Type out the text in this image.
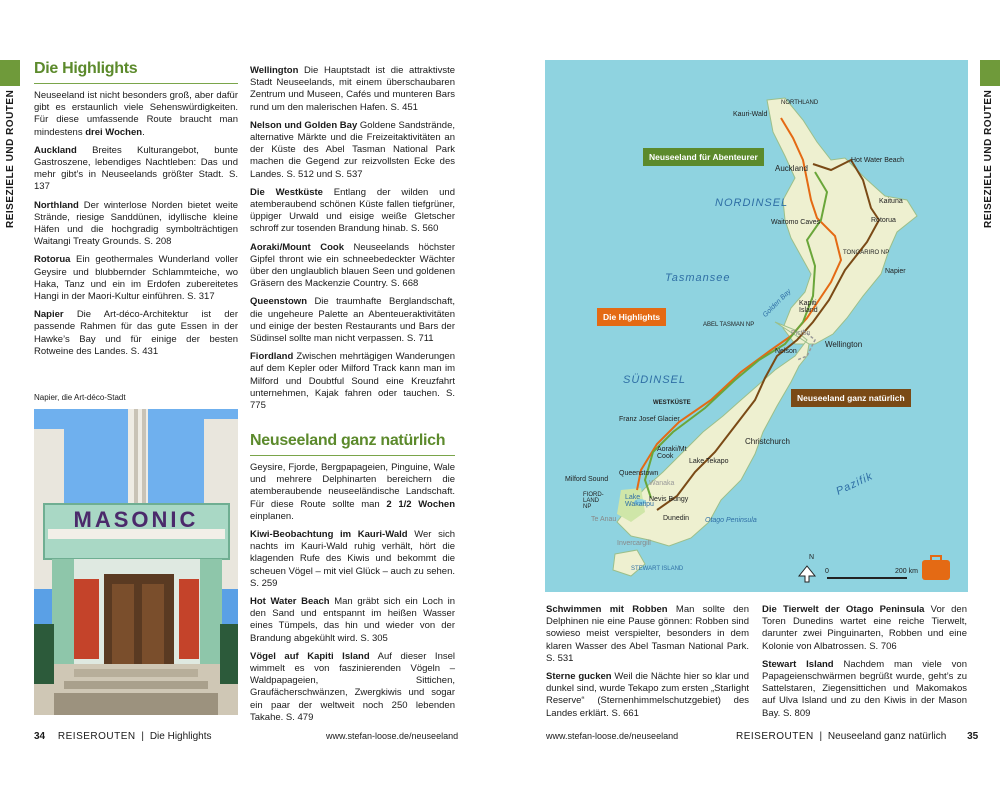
REISEZIELE UND ROUTEN	REISEZIELE UND ROUTEN
Die Highlights

Neuseeland ist nicht besonders groß, aber dafür gibt es erstaunlich viele Sehenswürdigkeiten. Für diese umfassende Route braucht man mindestens drei Wochen.

Auckland Breites Kulturangebot, bunte Gastroszene, lebendiges Nachtleben: Das und mehr gibt’s in Neuseelands größter Stadt. S. 137

Northland Der winterlose Norden bietet weite Strände, riesige Sanddünen, idyllische kleine Häfen und die hochgradig symbolträchtigen Waitangi Treaty Grounds. S. 208

Rotorua Ein geothermales Wunderland voller Geysire und blubbernder Schlammteiche, wo Haka, Tanz und ein im Erdofen zubereitetes Hangi in der Maori-Kultur einführen. S. 317

Napier Die Art-déco-Architektur ist der passende Rahmen für das gute Essen in der Hawke’s Bay und für einige der besten Rotweine des Landes. S. 431

Napier, die Art-déco-Stadt
MASONIC

Wellington Die Hauptstadt ist die attraktivste Stadt Neuseelands, mit einem überschaubaren Zentrum und Museen, Cafés und munteren Bars rund um den malerischen Hafen. S. 451

Nelson und Golden Bay Goldene Sandstrände, alternative Märkte und die Freizeitaktivitäten an der Küste des Abel Tasman National Park machen die Gegend zur reizvollsten Ecke des Landes. S. 512 und S. 537

Die Westküste Entlang der wilden und atemberaubend schönen Küste fallen tiefgrüner, üppiger Urwald und eisige weiße Gletscher schroff zur tosenden Brandung hinab. S. 560

Aoraki/Mount Cook Neuseelands höchster Gipfel thront wie ein schneebedeckter Wächter über den unglaublich blauen Seen und goldenen Gräsern des Mackenzie Country. S. 668

Queenstown Die traumhafte Berglandschaft, die ungeheure Palette an Abenteueraktivitäten und einige der besten Restaurants und Bars der Südinsel sollte man nicht verpassen. S. 711

Fiordland Zwischen mehrtägigen Wanderungen auf dem Kepler oder Milford Track kann man im Milford und Doubtful Sound eine Kreuzfahrt unternehmen, Kajak fahren oder tauchen. S. 775

Neuseeland ganz natürlich

Geysire, Fjorde, Bergpapageien, Pinguine, Wale und mehrere Delphinarten bereichern die atemberaubende neuseeländische Landschaft. Für diese Route sollte man 2 1/2 Wochen einplanen.

Kiwi-Beobachtung im Kauri-Wald Wer sich nachts im Kauri-Wald ruhig verhält, hört die klagenden Rufe des Kiwis und bekommt die scheuen Vögel – mit viel Glück – auch zu sehen. S. 259

Hot Water Beach Man gräbt sich ein Loch in den Sand und entspannt im heißen Wasser eines Tümpels, das hin und wieder von der Brandung abgekühlt wird. S. 305

Vögel auf Kapiti Island Auf dieser Insel wimmelt es von faszinierenden Vögeln – Waldpapageien, Sittichen, Graufächerschwänzen, Zwergkiwis und sogar ein paar der weltweit noch 250 lebenden Takahe. S. 479

Neuseeland für Abenteurer
Die Highlights
Neuseeland ganz natürlich
NORDINSEL
SÜDINSEL
Tasmansee
Pazifik
NORTHLAND
Kauri-Wald
Auckland
Hot Water Beach
Kaituna
Waitomo Caves	Rotorua
TONGARIRO NP
Napier
Golden Bay Kapiti Island
ABEL TASMAN NP
Picton
Nelson
Wellington
WESTKÜSTE
Franz Josef Glacier
Christchurch
Aoraki/Mt Cook
Lake Tekapo
Milford Sound
Queenstown
Wanaka
FIORD-LAND NP
Lake Wakatipu
Nevis Bungy
Te Anau	Dunedin Otago Peninsula
Invercargill
STEWART ISLAND
N
0	200 km

Schwimmen mit Robben Man sollte den Delphinen nie eine Pause gönnen: Robben sind sowieso meist verspielter, besonders in dem klaren Wasser des Abel Tasman National Park. S. 531

Sterne gucken Weil die Nächte hier so klar und dunkel sind, wurde Tekapo zum ersten „Starlight Reserve“ (Sternenhimmelschutzgebiet) des Landes erklärt. S. 661

Die Tierwelt der Otago Peninsula Vor den Toren Dunedins wartet eine reiche Tierwelt, darunter zwei Pinguinarten, Robben und eine Kolonie von Albatrossen. S. 706

Stewart Island Nachdem man viele von Papageienschwärmen begrüßt wurde, geht’s zu Sattelstaren, Ziegensittichen und Makomakos auf Ulva Island und zu den Kiwis in der Mason Bay. S. 809

34 REISEROUTEN | Die Highlights	www.stefan-loose.de/neuseeland	www.stefan-loose.de/neuseeland	REISEROUTEN | Neuseeland ganz natürlich 35
